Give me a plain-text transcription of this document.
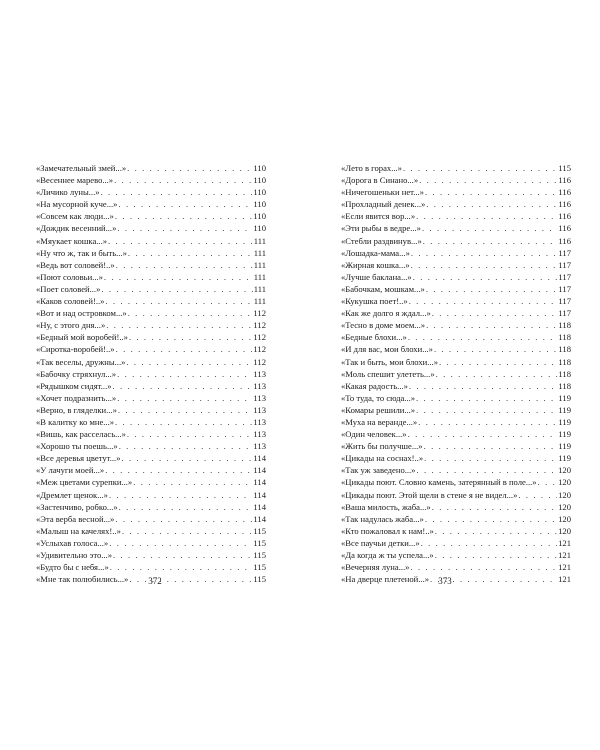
«Замечательный змей...» . . .	110
«Весеннее марево...» . . .	110
«Личико луны...» . . .	110
«На мусорной куче...» . . .	110
«Совсем как люди...» . . .	110
«Дождик весенний...» . . .	110
«Мяукает кошка...» . . .	111
«Ну что ж, так и быть...» . . .	111
«Ведь вот соловей!..» . . .	111
«Поют соловьи...» . . .	111
«Поет соловей...» . . .	111
«Каков соловей!..» . . .	111
«Вот и над островком...» . . .	112
«Ну, с этого дня...» . . .	112
«Бедный мой воробей!..» . . .	112
«Сиротка-воробей!..» . . .	112
«Так веселы, дружны...» . . .	112
«Бабочку стряхнул...» . . .	113
«Рядышком сидят...» . . .	113
«Хочет подразнить...» . . .	113
«Верно, в гляделки...» . . .	113
«В калитку ко мне...» . . .	113
«Вишь, как расселась...» . . .	113
«Хорошо ты поешь...» . . .	113
«Все деревья цветут...» . . .	114
«У лачуги моей...» . . .	114
«Меж цветами сурепки...» . . .	114
«Дремлет щенок...» . . .	114
«Застенчиво, робко...» . . .	114
«Эта верба весной...» . . .	114
«Малыш на качелях!..» . . .	115
«Услыхав голоса...» . . .	115
«Удивительно это...» . . .	115
«Будто бы с небя...» . . .	115
«Мне так полюбились...» . . .	115
«Лето в горах...» . . .	115
«Дорога в Синано...» . . .	116
«Ничегошеньки нет...» . . .	116
«Прохладный денек...» . . .	116
«Если явится вор...» . . .	116
«Эти рыбы в ведре...» . . .	116
«Стебли раздвинув...» . . .	116
«Лошадка-мама...» . . .	117
«Жирная кошка...» . . .	117
«Лучше баклана...» . . .	117
«Бабочкам, мошкам...» . . .	117
«Кукушка поет!..» . . .	117
«Как же долго я ждал...» . . .	117
«Тесно в доме моем...» . . .	118
«Бедные блохи...» . . .	118
«И для вас, мои блохи...» . . .	118
«Так и быть, мои блохи...» . . .	118
«Моль спешит улететь...» . . .	118
«Какая радость...» . . .	118
«То туда, то сюда...» . . .	119
«Комары решили...» . . .	119
«Муха на веранде...» . . .	119
«Один человек...» . . .	119
«Жить бы получше...» . . .	119
«Цикады на соснах!..» . . .	119
«Так уж заведено...» . . .	120
«Цикады поют. Словно камень, затерянный в поле...» . . .	120
«Цикады поют. Этой щели в стене я не видел...» . . .	120
«Ваша милость, жаба...» . . .	120
«Так надулась жаба...» . . .	120
«Кто пожаловал к нам!..» . . .	120
«Все паучьи детки...» . . .	121
«Да когда ж ты успела...» . . .	121
«Вечерняя луна...» . . .	121
«На дверце плетеной...» . . .	121
372	373
